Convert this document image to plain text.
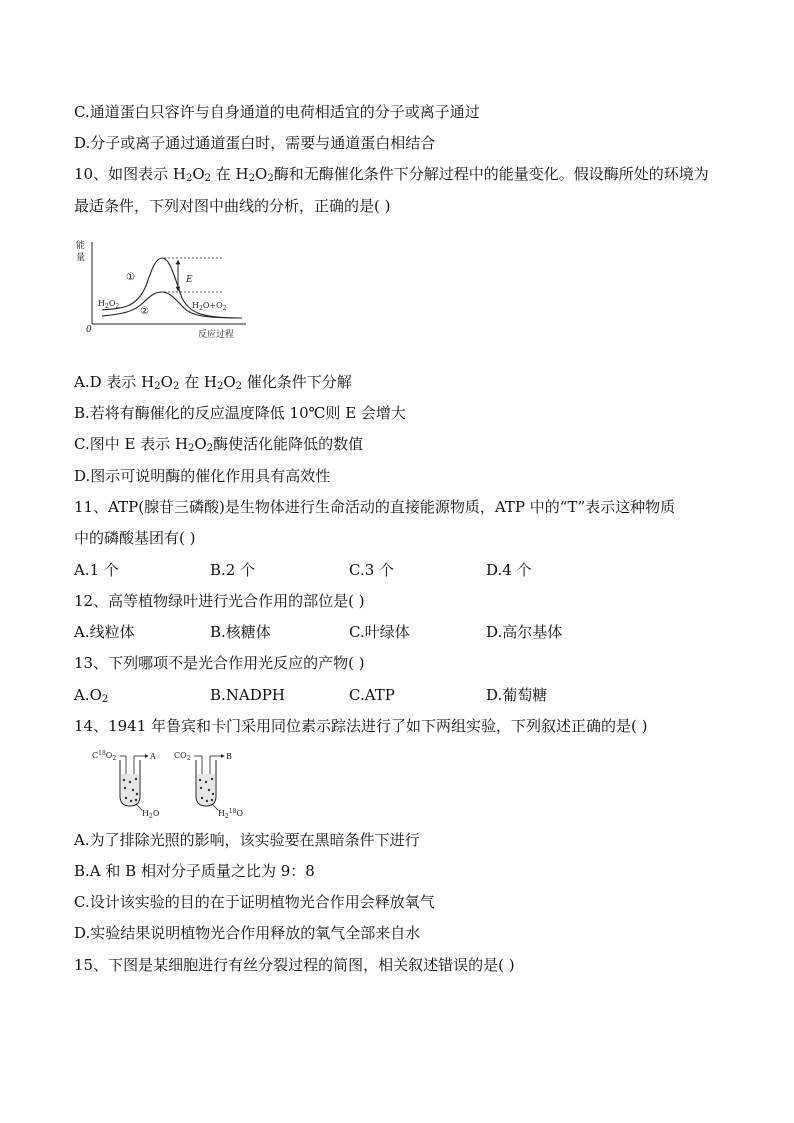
C.通道蛋白只容许与自身通道的电荷相适宜的分子或离子通过
D.分子或离子通过通道蛋白时，需要与通道蛋白相结合
10、如图表示 $H_2O_2$ 在 $H_2O_2$酶和无酶催化条件下分解过程中的能量变化。假设酶所处的环境为
最适条件，下列对图中曲线的分析，正确的是( )
能
量
0	反应过程
E
①
②
$H_2O_2$	$H_2O+O_2$
A.D 表示 $H_2O_2$ 在 $H_2O_2$ 催化条件下分解
B.若将有酶催化的反应温度降低 10℃则 E 会增大
C.图中 E 表示 $H_2O_2$酶使活化能降低的数值
D.图示可说明酶的催化作用具有高效性
11、ATP(腺苷三磷酸)是生物体进行生命活动的直接能源物质，ATP 中的“T”表示这种物质
中的磷酸基团有( )
A.1 个	B.2 个	C.3 个	D.4 个
12、高等植物绿叶进行光合作用的部位是( )
A.线粒体	B.核糖体	C.叶绿体	D.高尔基体
13、下列哪项不是光合作用光反应的产物( )
$A.O_2$	B.NADPH	C.ATP	D.葡萄糖
14、1941 年鲁宾和卡门采用同位素示踪法进行了如下两组实验，下列叙述正确的是( )
$C^{18}O_2$	A
$H_2O$
$CO_2$	B
$H_2^{18}O$
A.为了排除光照的影响，该实验要在黑暗条件下进行
B.A 和 B 相对分子质量之比为 9：8
C.设计该实验的目的在于证明植物光合作用会释放氧气
D.实验结果说明植物光合作用释放的氧气全部来自水
15、下图是某细胞进行有丝分裂过程的简图，相关叙述错误的是( )
